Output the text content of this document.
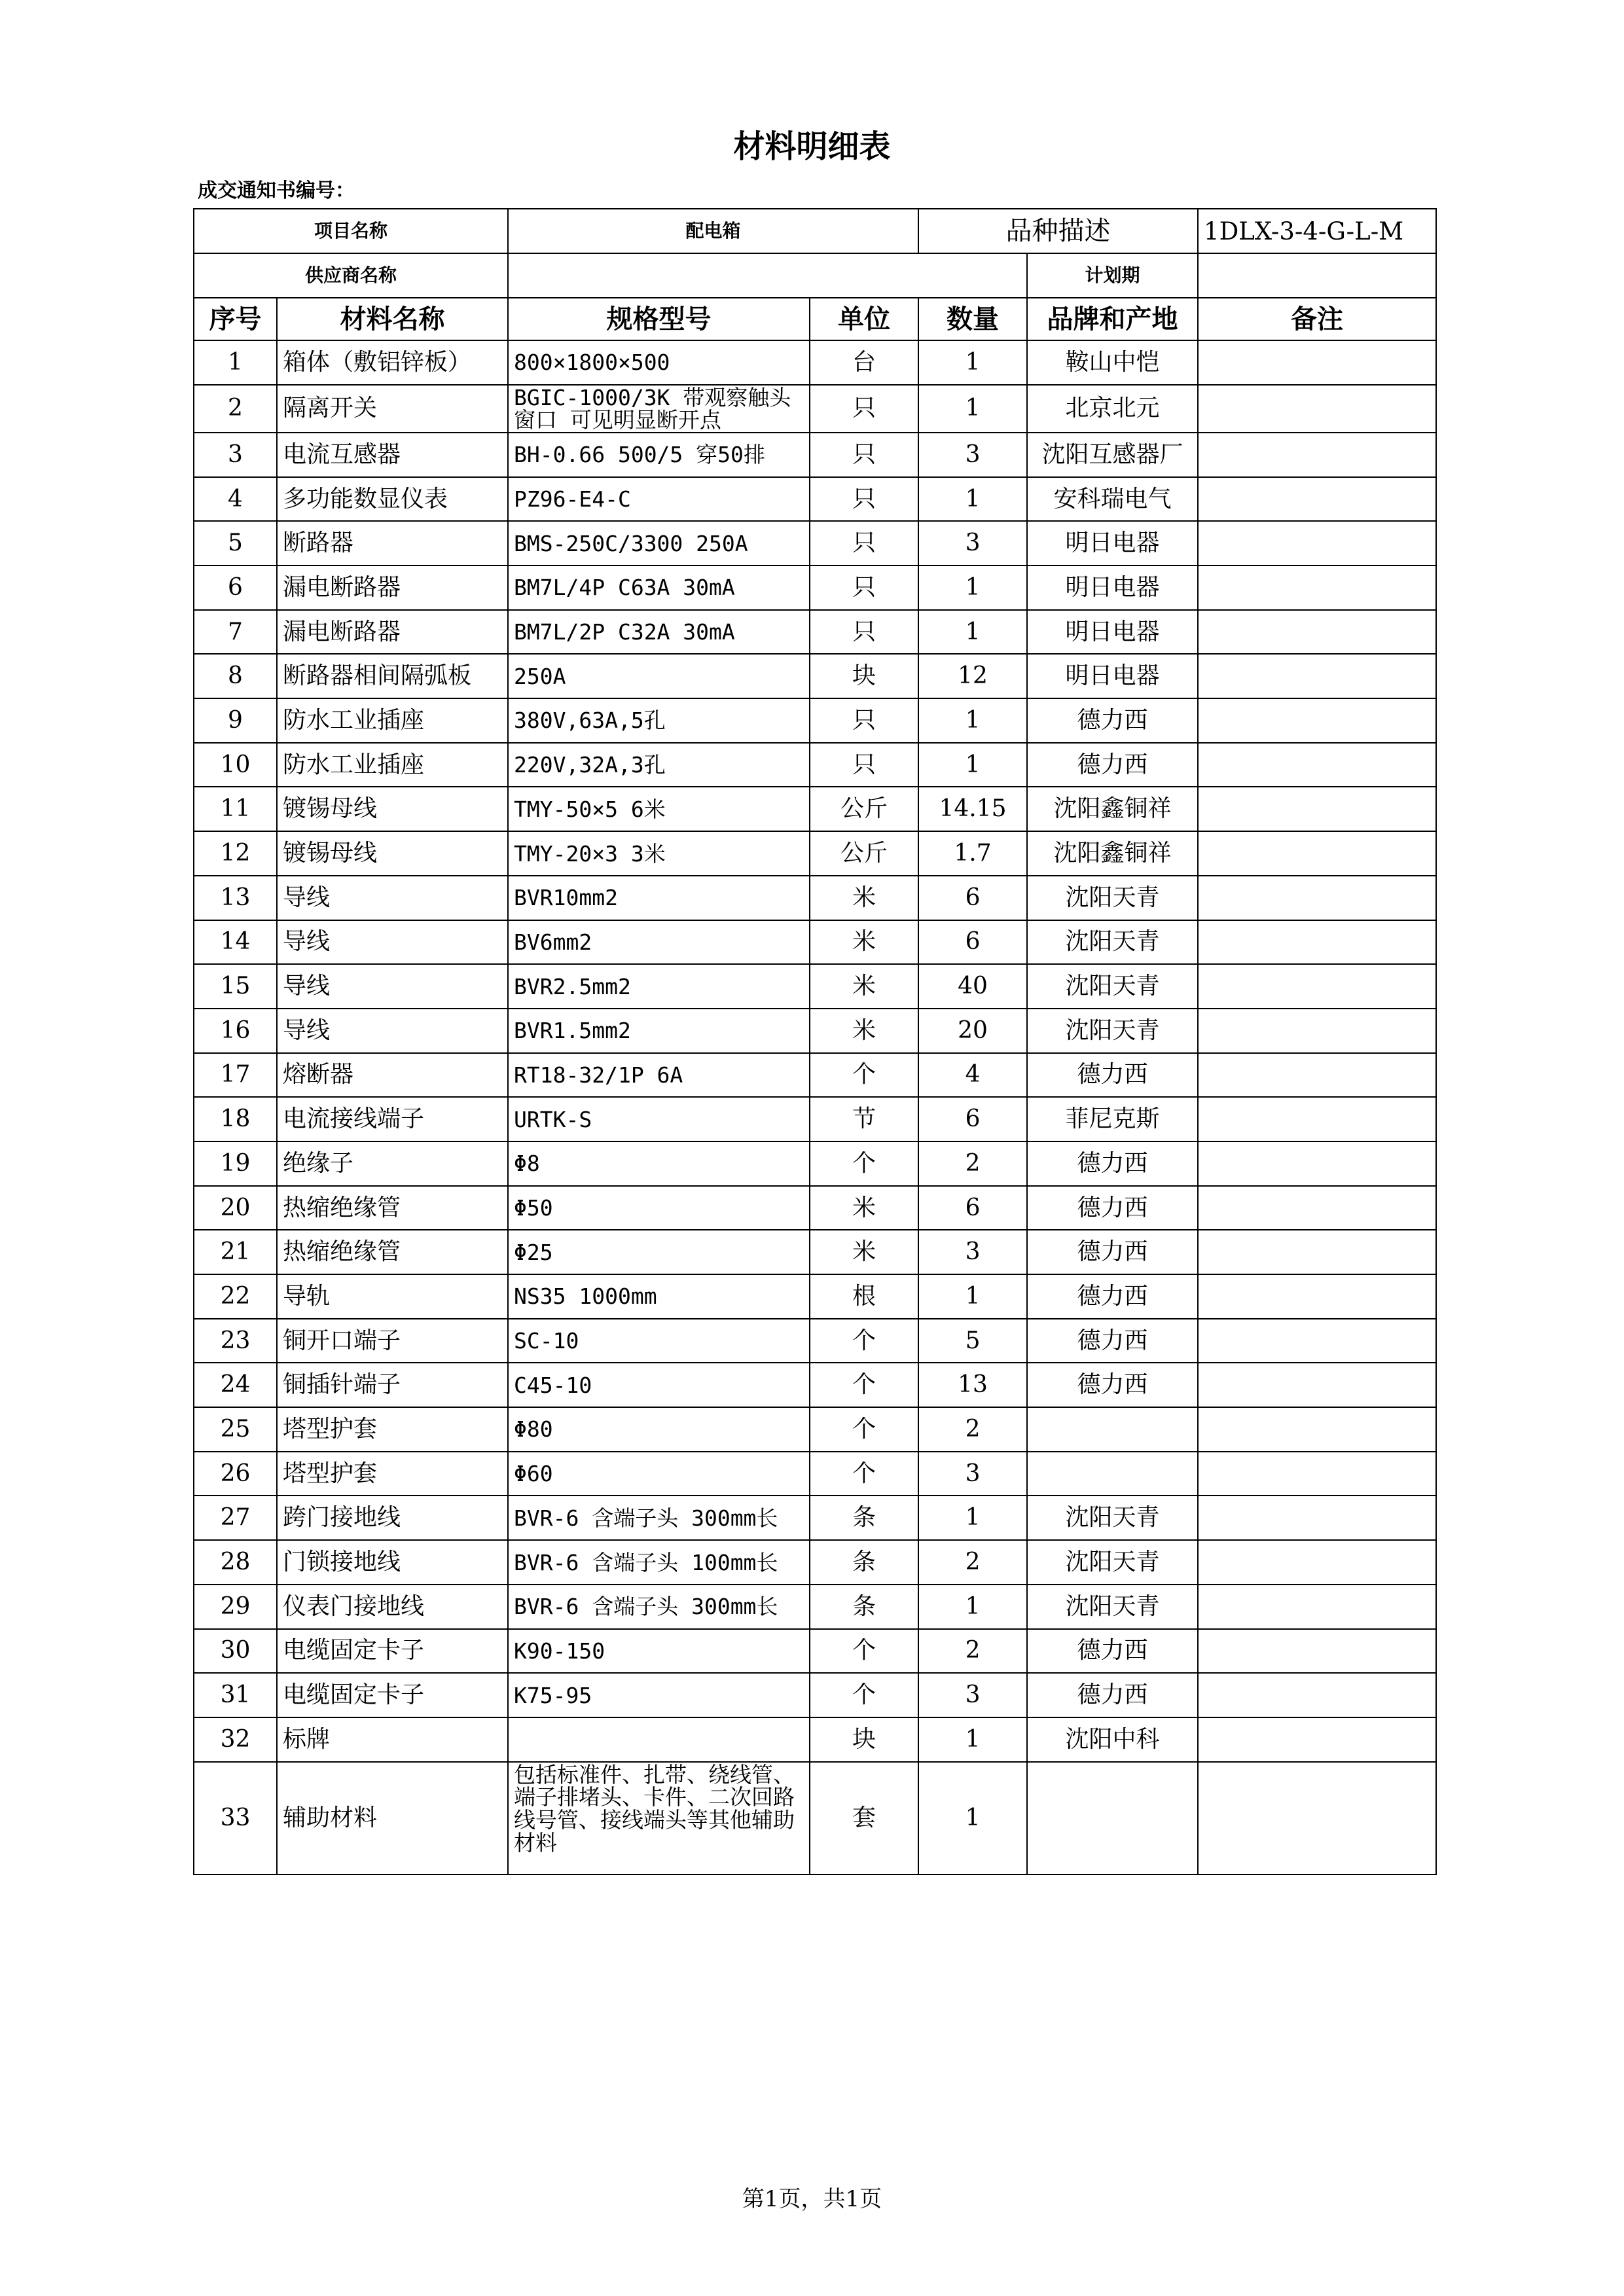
材料明细表
成交通知书编号：
项目名称		配电箱		品种描述		1DLX-3-4-G-L-M
供应商名称					计划期	
序号	材料名称	规格型号	单位	数量	品牌和产地	备注
1	箱体（敷铝锌板）	800×1800×500	台	1	鞍山中恺	
2	隔离开关	BGIC-1000/3K 带观察触头窗口 可见明显断开点	只	1	北京北元	
3	电流互感器	BH-0.66 500/5 穿50排	只	3	沈阳互感器厂	
4	多功能数显仪表	PZ96-E4-C	只	1	安科瑞电气	
5	断路器	BMS-250C/3300 250A	只	3	明日电器	
6	漏电断路器	BM7L/4P C63A 30mA	只	1	明日电器	
7	漏电断路器	BM7L/2P C32A 30mA	只	1	明日电器	
8	断路器相间隔弧板	250A	块	12	明日电器	
9	防水工业插座	380V,63A,5孔	只	1	德力西	
10	防水工业插座	220V,32A,3孔	只	1	德力西	
11	镀锡母线	TMY-50×5 6米	公斤	14.15	沈阳鑫铜祥	
12	镀锡母线	TMY-20×3 3米	公斤	1.7	沈阳鑫铜祥	
13	导线	BVR10mm2	米	6	沈阳天青	
14	导线	BV6mm2	米	6	沈阳天青	
15	导线	BVR2.5mm2	米	40	沈阳天青	
16	导线	BVR1.5mm2	米	20	沈阳天青	
17	熔断器	RT18-32/1P 6A	个	4	德力西	
18	电流接线端子	URTK-S	节	6	菲尼克斯	
19	绝缘子	Φ8	个	2	德力西	
20	热缩绝缘管	Φ50	米	6	德力西	
21	热缩绝缘管	Φ25	米	3	德力西	
22	导轨	NS35 1000mm	根	1	德力西	
23	铜开口端子	SC-10	个	5	德力西	
24	铜插针端子	C45-10	个	13	德力西	
25	塔型护套	Φ80	个	2		
26	塔型护套	Φ60	个	3		
27	跨门接地线	BVR-6 含端子头 300mm长	条	1	沈阳天青	
28	门锁接地线	BVR-6 含端子头 100mm长	条	2	沈阳天青	
29	仪表门接地线	BVR-6 含端子头 300mm长	条	1	沈阳天青	
30	电缆固定卡子	K90-150	个	2	德力西	
31	电缆固定卡子	K75-95	个	3	德力西	
32	标牌		块	1	沈阳中科	
33	辅助材料	包括标准件、扎带、绕线管、端子排堵头、卡件、二次回路线号管、接线端头等其他辅助材料	套	1		
第1页，共1页
